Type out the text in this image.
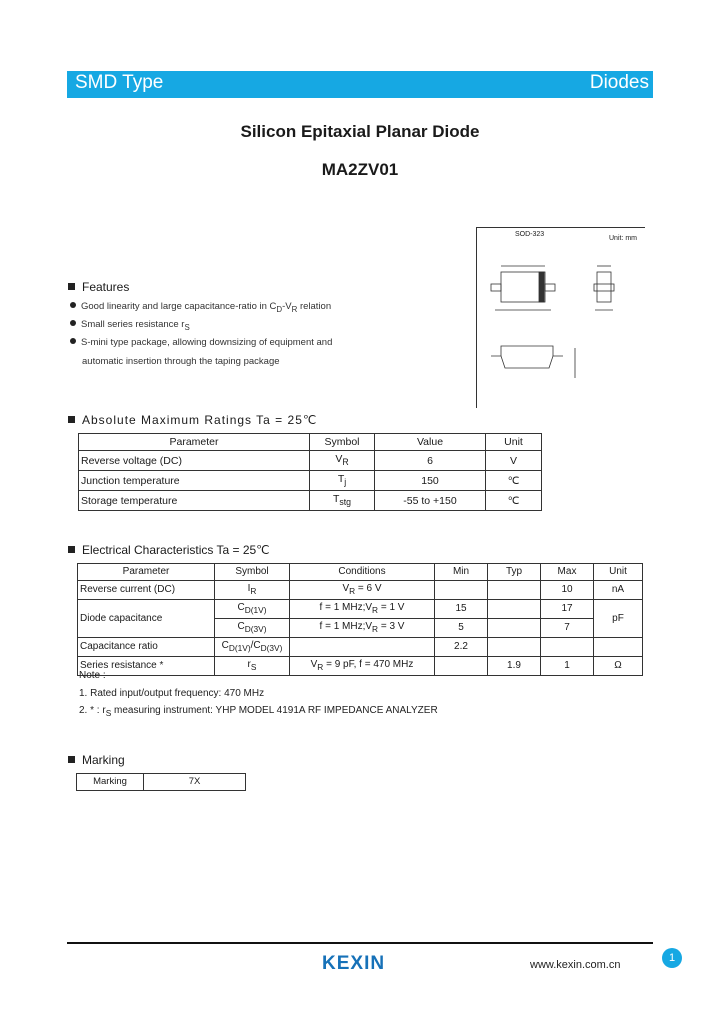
SMD Type	Diodes
Silicon Epitaxial Planar Diode
MA2ZV01
SOD-323
Unit: mm
Features
Good linearity and large capacitance-ratio in $C_D-V_R$ relation
Small series resistance $r_S$
S-mini type package, allowing downsizing of equipment and
automatic insertion through the taping package
Absolute Maximum Ratings Ta = 25℃
Parameter	Symbol	Value	Unit
Reverse voltage (DC)	$V_R$	6	V
Junction temperature	$T_j$	150	℃
Storage temperature	$T_{stg}$	-55 to +150	℃
Electrical Characteristics Ta = 25℃
Parameter	Symbol	Conditions	Min	Typ	Max	Unit
Reverse current (DC)	$I_R$	$V_R = 6$ V			10	nA
Diode capacitance	$C_{D(1V)}$	f = 1 $MHz;V_R = 1$ V	15		17	pF
	$C_{D(3V)}$	f = 1 $MHz;V_R = 3$ V	5		7	
Capacitance ratio	$C_{D(1V)}/C_{D(3V)}$		2.2			
Series resistance *	$r_S$	$V_R = 9$ pF, f = 470 MHz		1.9	1	Ω
Note :
1. Rated input/output frequency: 470 MHz
2. * : $r_S$ measuring instrument: YHP MODEL 4191A RF IMPEDANCE ANALYZER
Marking
Marking	7X
KEXIN	www.kexin.com.cn
1
